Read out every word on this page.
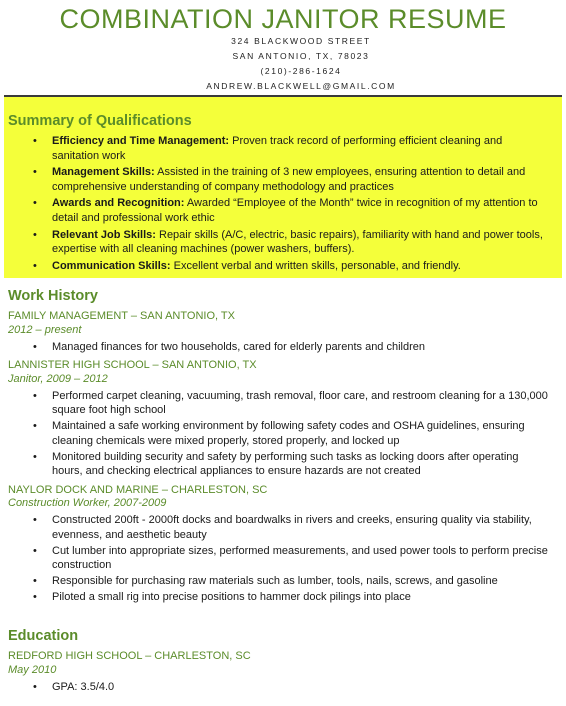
COMBINATION JANITOR RESUME
324 BLACKWOOD STREET
SAN ANTONIO, TX, 78023
(210)-286-1624
ANDREW.BLACKWELL@GMAIL.COM
Summary of Qualifications
• Efficiency and Time Management: Proven track record of performing efficient cleaning and sanitation work
• Management Skills: Assisted in the training of 3 new employees, ensuring attention to detail and comprehensive understanding of company methodology and practices
• Awards and Recognition: Awarded “Employee of the Month” twice in recognition of my attention to detail and professional work ethic
• Relevant Job Skills: Repair skills (A/C, electric, basic repairs), familiarity with hand and power tools, expertise with all cleaning machines (power washers, buffers).
• Communication Skills: Excellent verbal and written skills, personable, and friendly.
Work History
FAMILY MANAGEMENT – SAN ANTONIO, TX
2012 – present
• Managed finances for two households, cared for elderly parents and children
LANNISTER HIGH SCHOOL – SAN ANTONIO, TX
Janitor, 2009 – 2012
• Performed carpet cleaning, vacuuming, trash removal, floor care, and restroom cleaning for a 130,000 square foot high school
• Maintained a safe working environment by following safety codes and OSHA guidelines, ensuring cleaning chemicals were mixed properly, stored properly, and locked up
• Monitored building security and safety by performing such tasks as locking doors after operating hours, and checking electrical appliances to ensure hazards are not created
NAYLOR DOCK AND MARINE – CHARLESTON, SC
Construction Worker, 2007-2009
• Constructed 200ft - 2000ft docks and boardwalks in rivers and creeks, ensuring quality via stability, evenness, and aesthetic beauty
• Cut lumber into appropriate sizes, performed measurements, and used power tools to perform precise construction
• Responsible for purchasing raw materials such as lumber, tools, nails, screws, and gasoline
• Piloted a small rig into precise positions to hammer dock pilings into place
Education
REDFORD HIGH SCHOOL – CHARLESTON, SC
May 2010
• GPA: 3.5/4.0
